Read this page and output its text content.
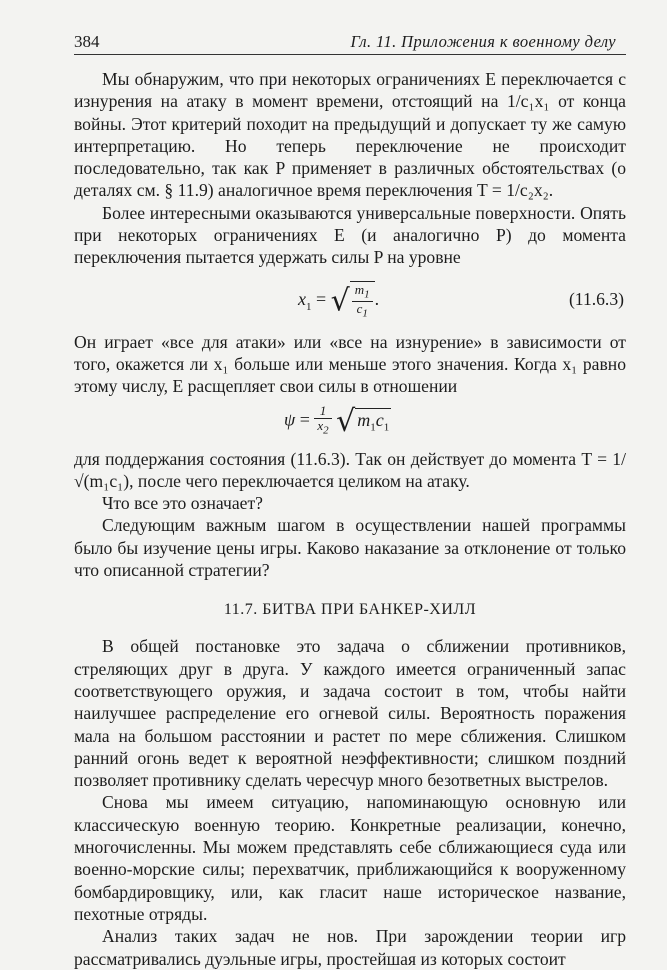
384	Гл. 11. Приложения к военному делу

Мы обнаружим, что при некоторых ограничениях E переключается с изнурения на атаку в момент времени, отстоящий на 1/c₁x₁ от конца войны. Этот критерий походит на предыдущий и допускает ту же самую интерпретацию. Но теперь переключение не происходит последовательно, так как P применяет в различных обстоятельствах (о деталях см. § 11.9) аналогичное время переключения T = 1/c₂x₂.

Более интересными оказываются универсальные поверхности. Опять при некоторых ограничениях E (и аналогично P) до момента переключения пытается удержать силы P на уровне

$x_1$ = √ $\frac{m_1}{c_1}$ .	(11.6.3)

Он играет «все для атаки» или «все на изнурение» в зависимости от того, окажется ли x₁ больше или меньше этого значения. Когда x₁ равно этому числу, E расщепляет свои силы в отношении

$\psi = \frac{1}{x_2}$ √ $m_1c_1$

для поддержания состояния (11.6.3). Так он действует до момента T = 1/√(m₁c₁), после чего переключается целиком на атаку.

Что все это означает?

Следующим важным шагом в осуществлении нашей программы было бы изучение цены игры. Каково наказание за отклонение от только что описанной стратегии?

11.7. БИТВА ПРИ БАНКЕР-ХИЛЛ

В общей постановке это задача о сближении противников, стреляющих друг в друга. У каждого имеется ограниченный запас соответствующего оружия, и задача состоит в том, чтобы найти наилучшее распределение его огневой силы. Вероятность поражения мала на большом расстоянии и растет по мере сближения. Слишком ранний огонь ведет к вероятной неэффективности; слишком поздний позволяет противнику сделать чересчур много безответных выстрелов.

Снова мы имеем ситуацию, напоминающую основную или классическую военную теорию. Конкретные реализации, конечно, многочисленны. Мы можем представлять себе сближающиеся суда или военно-морские силы; перехватчик, приближающийся к вооруженному бомбардировщику, или, как гласит наше историческое название, пехотные отряды.

Анализ таких задач не нов. При зарождении теории игр рассматривались дуэльные игры, простейшая из которых состоит
